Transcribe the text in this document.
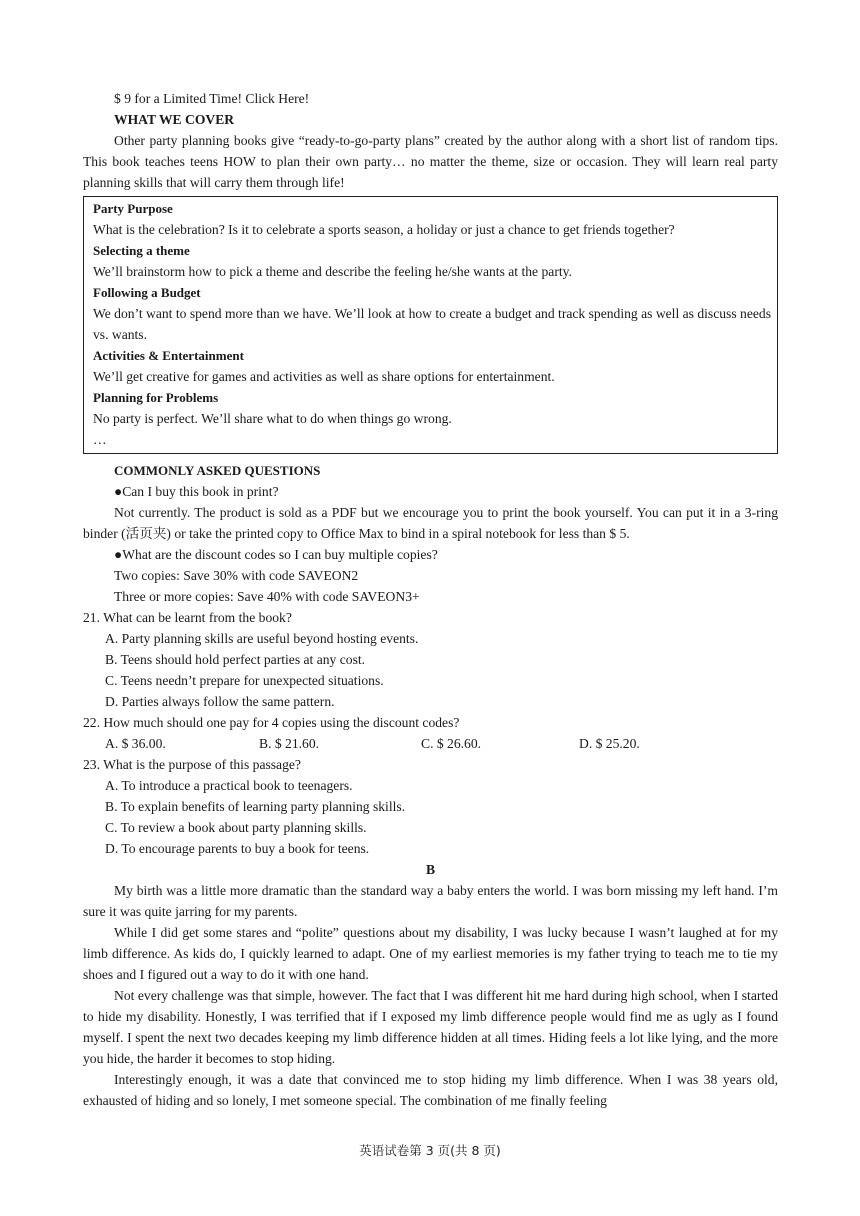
$ 9 for a Limited Time! Click Here!

WHAT WE COVER

Other party planning books give “ready-to-go-party plans” created by the author along with a short list of random tips. This book teaches teens HOW to plan their own party… no matter the theme, size or occasion. They will learn real party planning skills that will carry them through life!

Party Purpose

What is the celebration? Is it to celebrate a sports season, a holiday or just a chance to get friends together?

Selecting a theme

We’ll brainstorm how to pick a theme and describe the feeling he/she wants at the party.

Following a Budget

We don’t want to spend more than we have. We’ll look at how to create a budget and track spending as well as discuss needs vs. wants.

Activities & Entertainment

We’ll get creative for games and activities as well as share options for entertainment.

Planning for Problems

No party is perfect. We’ll share what to do when things go wrong.

…

COMMONLY ASKED QUESTIONS

●Can I buy this book in print?

Not currently. The product is sold as a PDF but we encourage you to print the book yourself. You can put it in a 3-ring binder (活页夹) or take the printed copy to Office Max to bind in a spiral notebook for less than $ 5.

●What are the discount codes so I can buy multiple copies?

Two copies: Save 30% with code SAVEON2

Three or more copies: Save 40% with code SAVEON3+

21. What can be learnt from the book?

A. Party planning skills are useful beyond hosting events.

B. Teens should hold perfect parties at any cost.

C. Teens needn’t prepare for unexpected situations.

D. Parties always follow the same pattern.

22. How much should one pay for 4 copies using the discount codes?

A. $ 36.00.	B. $ 21.60.	C. $ 26.60.	D. $ 25.20.

23. What is the purpose of this passage?

A. To introduce a practical book to teenagers.

B. To explain benefits of learning party planning skills.

C. To review a book about party planning skills.

D. To encourage parents to buy a book for teens.

B

My birth was a little more dramatic than the standard way a baby enters the world. I was born missing my left hand. I’m sure it was quite jarring for my parents.

While I did get some stares and “polite” questions about my disability, I was lucky because I wasn’t laughed at for my limb difference. As kids do, I quickly learned to adapt. One of my earliest memories is my father trying to teach me to tie my shoes and I figured out a way to do it with one hand.

Not every challenge was that simple, however. The fact that I was different hit me hard during high school, when I started to hide my disability. Honestly, I was terrified that if I exposed my limb difference people would find me as ugly as I found myself. I spent the next two decades keeping my limb difference hidden at all times. Hiding feels a lot like lying, and the more you hide, the harder it becomes to stop hiding.

Interestingly enough, it was a date that convinced me to stop hiding my limb difference. When I was 38 years old, exhausted of hiding and so lonely, I met someone special. The combination of me finally feeling

英语试卷第 3 页(共 8 页)
